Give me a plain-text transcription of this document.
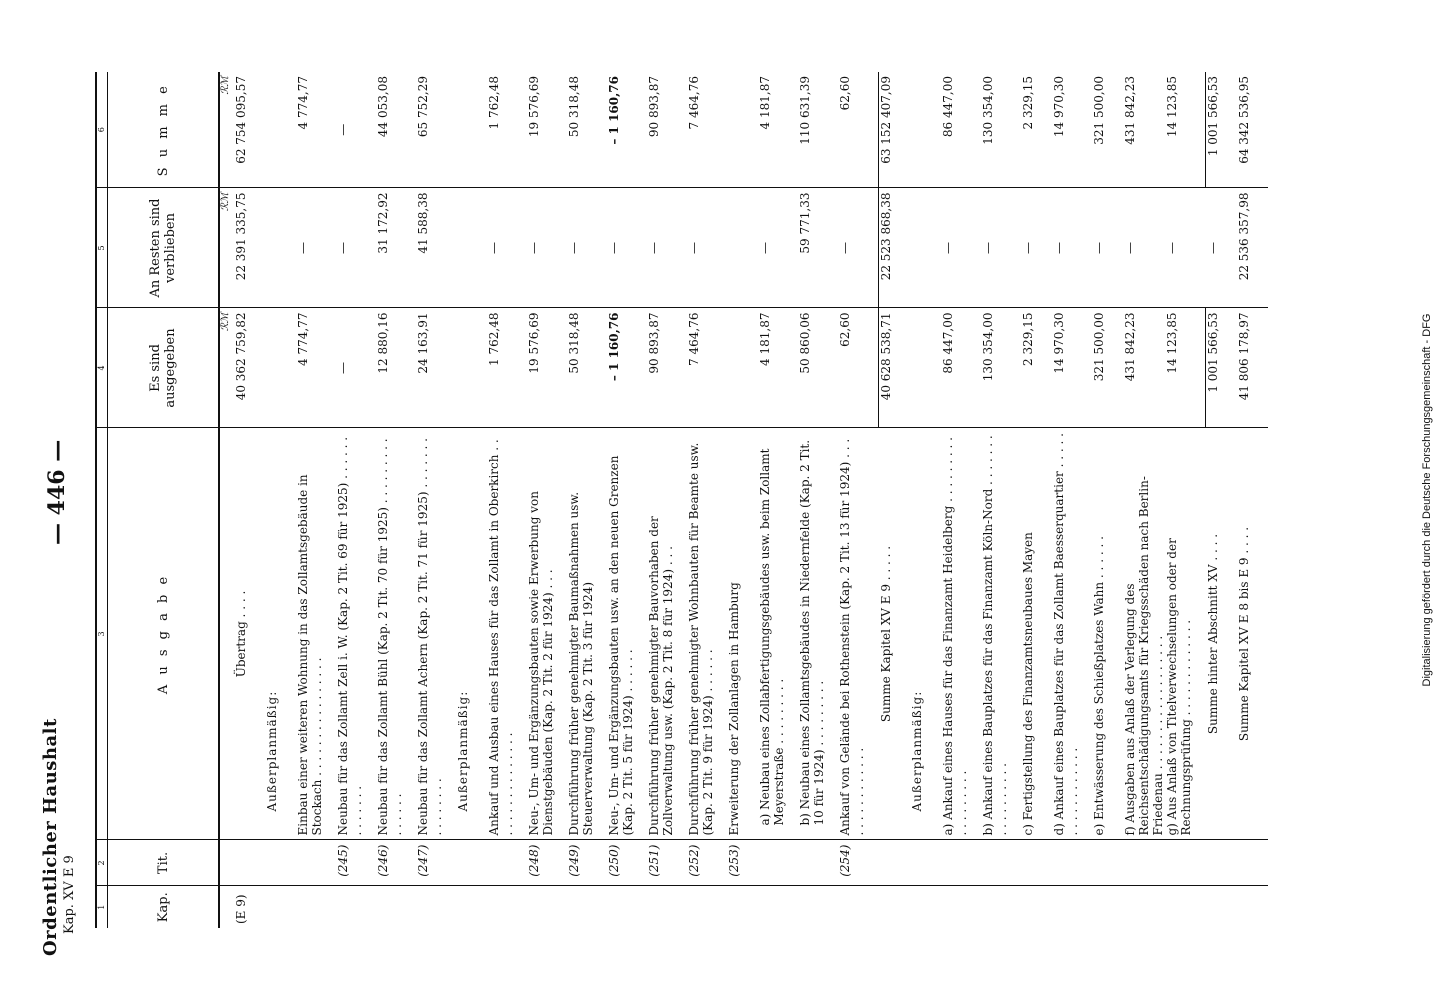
Ordentlicher Haushalt Kap. XV E 9
— 446 —
1	2	3	4	5	6
Kap.	Tit.	A u s g a b e	Es sind ausgegeben	An Resten sind verblieben	S u m m e
			ℛℳ	ℛℳ	ℛℳ
(E 9)		Übertrag . . . .	40 362 759,82	22 391 335,75	62 754 095,57
		Außerplanmäßig:			
		Einbau einer weiteren Wohnung in das Zollamtsgebäude in Stockach . . . . . . . . . . . . . . . .	4 774,77	—	4 774,77
	(245)	Neubau für das Zollamt Zell i. W. (Kap. 2 Tit. 69 für 1925) . . . . . . . . . . . . .	—	—	—
	(246)	Neubau für das Zollamt Bühl (Kap. 2 Tit. 70 für 1925) . . . . . . . . . . . . . . .	12 880,16	31 172,92	44 053,08
	(247)	Neubau für das Zollamt Achern (Kap. 2 Tit. 71 für 1925) . . . . . . . . . . . . . . .	24 163,91	41 588,38	65 752,29
		Außerplanmäßig:			
		Ankauf und Ausbau eines Hauses für das Zollamt in Oberkirch . . . . . . . . . . . . . . . .	1 762,48	—	1 762,48
	(248)	Neu-, Um- und Ergänzungsbauten sowie Erwerbung von Dienstgebäuden (Kap. 2 Tit. 2 für 1924) . . .	19 576,69	—	19 576,69
	(249)	Durchführung früher genehmigter Baumaßnahmen usw. Steuerverwaltung (Kap. 2 Tit. 3 für 1924)	50 318,48	—	50 318,48
	(250)	Neu-, Um- und Ergänzungsbauten usw. an den neuen Grenzen (Kap. 2 Tit. 5 für 1924) . . . . . .	– 1 160,76	—	– 1 160,76
	(251)	Durchführung früher genehmigter Bauvorhaben der Zollverwaltung usw. (Kap. 2 Tit. 8 für 1924) . . .	90 893,87	—	90 893,87
	(252)	Durchführung früher genehmigter Wohnbauten für Beamte usw. (Kap. 2 Tit. 9 für 1924) . . . . . .	7 464,76	—	7 464,76
	(253)	Erweiterung der Zollanlagen in Hamburg			
		a) Neubau eines Zollabfertigungsgebäudes usw. beim Zollamt Meyerstraße . . . . . . . . .	4 181,87	—	4 181,87
		b) Neubau eines Zollamtsgebäudes in Niedernfelde (Kap. 2 Tit. 10 für 1924) . . . . . . . . .	50 860,06	59 771,33	110 631,39
	(254)	Ankauf von Gelände bei Rothenstein (Kap. 2 Tit. 13 für 1924) . . . . . . . . . . . . . . .	62,60	—	62,60
		Summe Kapitel XV E 9 . . . . .	40 628 538,71	22 523 868,38	63 152 407,09
		Außerplanmäßig:			
		a) Ankauf eines Hauses für das Finanzamt Heidelberg . . . . . . . . . . . . . . . . . .	86 447,00	—	86 447,00
		b) Ankauf eines Bauplatzes für das Finanzamt Köln-Nord . . . . . . . . . . . . . . . . .	130 354,00	—	130 354,00
		c) Fertigstellung des Finanzamtsneubaues Mayen	2 329,15	—	2 329,15
		d) Ankauf eines Bauplatzes für das Zollamt Baesserquartier . . . . . . . . . . . . . . . . .	14 970,30	—	14 970,30
		e) Entwässerung des Schießplatzes Wahn . . . . . .	321 500,00	—	321 500,00
		f) Ausgaben aus Anlaß der Verlegung des Reichsentschädigungsamts für Kriegsschäden nach Berlin-Friedenau . . . . . . . . . . . . . . . . . .	431 842,23	—	431 842,23
		g) Aus Anlaß von Titelverwechselungen oder der Rechnungsprüfung . . . . . . . . . . . . .	14 123,85	—	14 123,85
		Summe hinter Abschnitt XV . . . .	1 001 566,53	—	1 001 566,53
		Summe Kapitel XV E 8 bis E 9 . . . .	41 806 178,97	22 536 357,98	64 342 536,95
Digitalisierung gefördert durch die Deutsche Forschungsgemeinschaft - DFG
